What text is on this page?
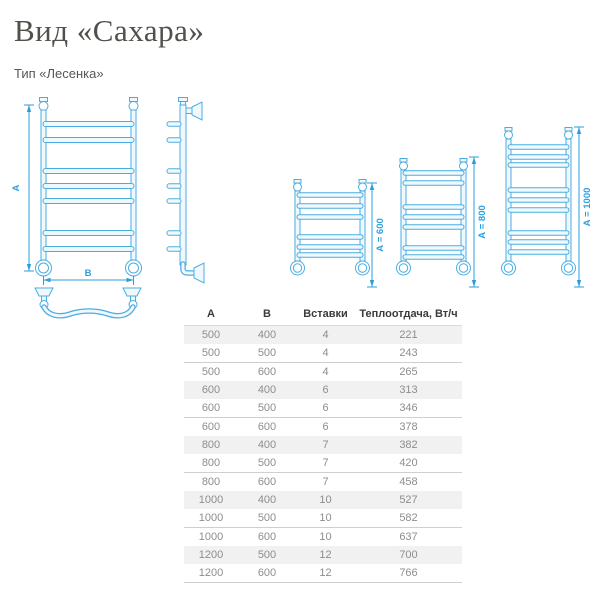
Вид «Сахара»
Тип «Лесенка»
А
В
А = 600	А = 800	А = 1000
А	В	Вставки	Теплоотдача, Вт/ч
500	400	4	221
500	500	4	243
500	600	4	265
600	400	6	313
600	500	6	346
600	600	6	378
800	400	7	382
800	500	7	420
800	600	7	458
1000	400	10	527
1000	500	10	582
1000	600	10	637
1200	500	12	700
1200	600	12	766
